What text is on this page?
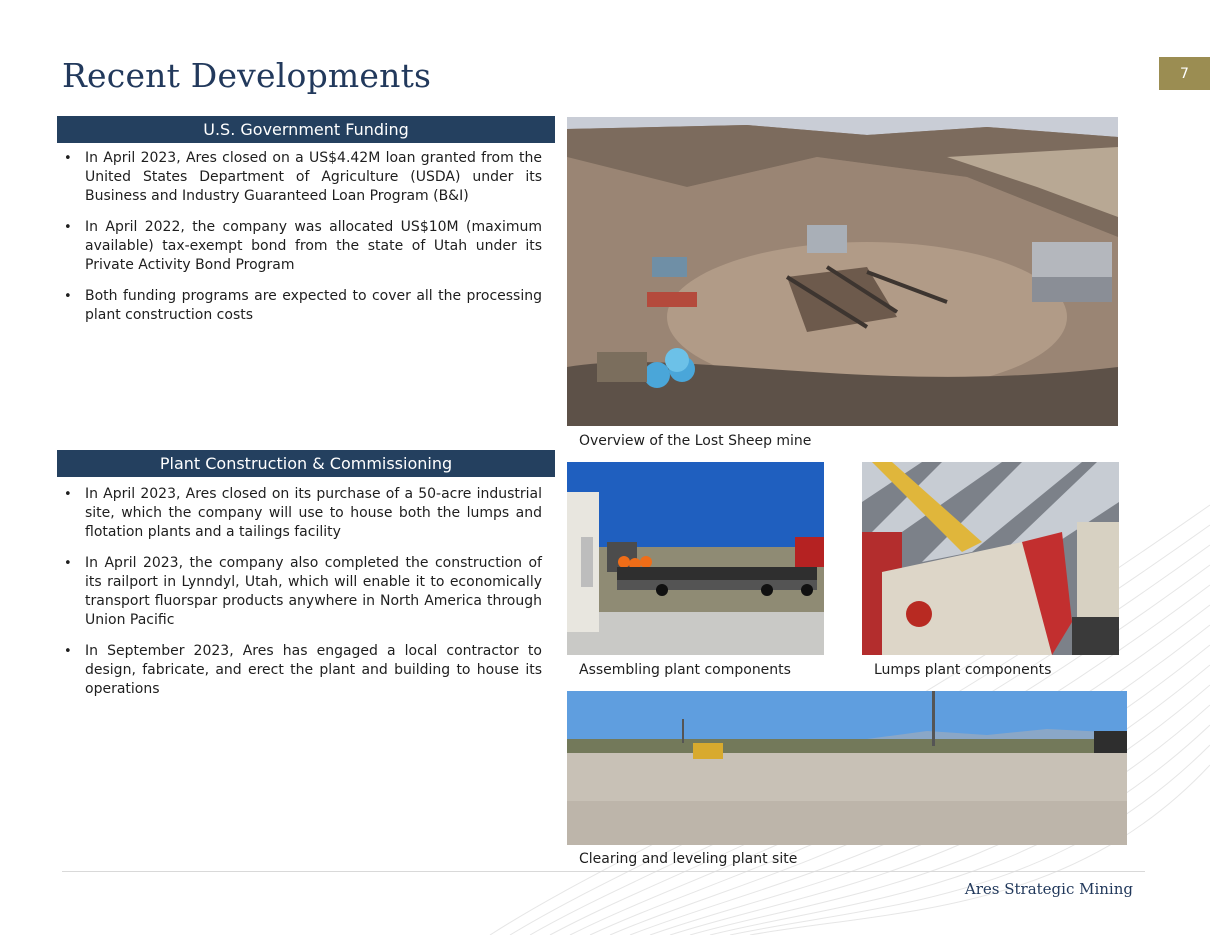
Recent Developments	7
U.S. Government Funding
• In April 2023, Ares closed on a US$4.42M loan granted from the United States Department of Agriculture (USDA) under its Business and Industry Guaranteed Loan Program (B&I)
• In April 2022, the company was allocated US$10M (maximum available) tax-exempt bond from the state of Utah under its Private Activity Bond Program
• Both funding programs are expected to cover all the processing plant construction costs
Plant Construction & Commissioning
• In April 2023, Ares closed on its purchase of a 50-acre industrial site, which the company will use to house both the lumps and flotation plants and a tailings facility
• In April 2023, the company also completed the construction of its railport in Lynndyl, Utah, which will enable it to economically transport fluorspar products anywhere in North America through Union Pacific
• In September 2023, Ares has engaged a local contractor to design, fabricate, and erect the plant and building to house its operations
Overview of the Lost Sheep mine
Assembling plant components	Lumps plant components
Clearing and leveling plant site
Ares Strategic Mining
